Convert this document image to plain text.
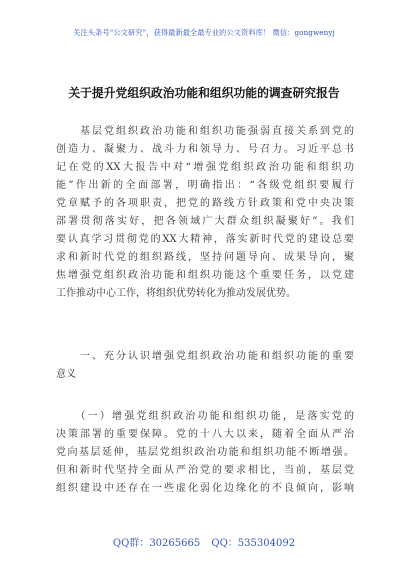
关注头条号“公文研究”，获得最新最全最专业的公文资料库！ 微信：gongwenyj
关于提升党组织政治功能和组织功能的调查研究报告
　　基层党组织政治功能和组织功能强弱直接关系到党的
创造力、凝聚力、战斗力和领导力、号召力。习近平总书
记在党的XX大报告中对“增强党组织政治功能和组织功
能”作出新的全面部署，明确指出：“各级党组织要履行
党章赋予的各项职责，把党的路线方针政策和党中央决策
部署贯彻落实好，把各领域广大群众组织凝聚好”。我们
要认真学习贯彻党的XX大精神，落实新时代党的建设总要
求和新时代党的组织路线，坚持问题导向、成果导向，聚
焦增强党组织政治功能和组织功能这个重要任务，以党建
工作推动中心工作，将组织优势转化为推动发展优势。
　　一、充分认识增强党组织政治功能和组织功能的重要
意义
　　（一）增强党组织政治功能和组织功能，是落实党的
决策部署的重要保障。党的十八大以来，随着全面从严治
党向基层延伸，基层党组织政治功能和组织功能不断增强。
但和新时代坚持全面从严治党的要求相比，当前，基层党
组织建设中还存在一些虚化弱化边缘化的不良倾向，影响
QQ群：30265665 QQ：535304092
